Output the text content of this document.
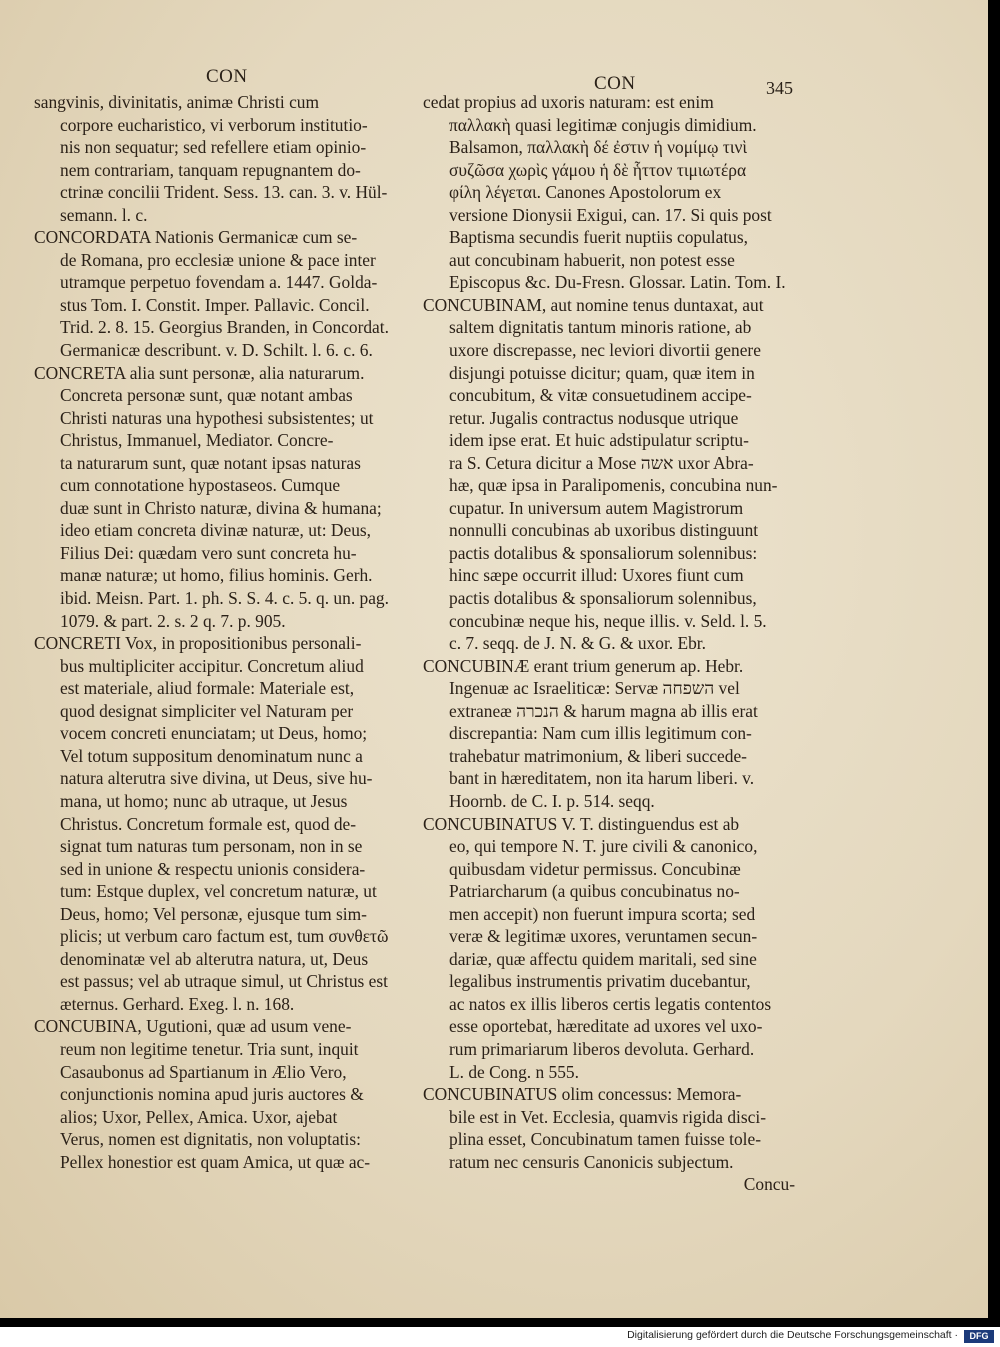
CON	CON	345
sangvinis, divinitatis, animæ Christi cum
corpore eucharistico, vi verborum institutio-
nis non sequatur; sed refellere etiam opinio-
nem contrariam, tanquam repugnantem do-
ctrinæ concilii Trident. Sess. 13. can. 3. v. Hül-
semann. l. c.
CONCORDATA Nationis Germanicæ cum se-
de Romana, pro ecclesiæ unione & pace inter
utramque perpetuo fovendam a. 1447. Golda-
stus Tom. I. Constit. Imper. Pallavic. Concil.
Trid. 2. 8. 15. Georgius Branden, in Concordat.
Germanicæ describunt. v. D. Schilt. l. 6. c. 6.
CONCRETA alia sunt personæ, alia naturarum.
Concreta personæ sunt, quæ notant ambas
Christi naturas una hypothesi subsistentes; ut
Christus, Immanuel, Mediator. Concre-
ta naturarum sunt, quæ notant ipsas naturas
cum connotatione hypostaseos. Cumque
duæ sunt in Christo naturæ, divina & humana;
ideo etiam concreta divinæ naturæ, ut: Deus,
Filius Dei: quædam vero sunt concreta hu-
manæ naturæ; ut homo, filius hominis. Gerh.
ibid. Meisn. Part. 1. ph. S. S. 4. c. 5. q. un. pag.
1079. & part. 2. s. 2 q. 7. p. 905.
CONCRETI Vox, in propositionibus personali-
bus multipliciter accipitur. Concretum aliud
est materiale, aliud formale: Materiale est,
quod designat simpliciter vel Naturam per
vocem concreti enunciatam; ut Deus, homo;
Vel totum suppositum denominatum nunc a
natura alterutra sive divina, ut Deus, sive hu-
mana, ut homo; nunc ab utraque, ut Jesus
Christus. Concretum formale est, quod de-
signat tum naturas tum personam, non in se
sed in unione & respectu unionis considera-
tum: Estque duplex, vel concretum naturæ, ut
Deus, homo; Vel personæ, ejusque tum sim-
plicis; ut verbum caro factum est, tum συνθετῶ
denominatæ vel ab alterutra natura, ut, Deus
est passus; vel ab utraque simul, ut Christus est
æternus. Gerhard. Exeg. l. n. 168.
CONCUBINA, Ugutioni, quæ ad usum vene-
reum non legitime tenetur. Tria sunt, inquit
Casaubonus ad Spartianum in Ælio Vero,
conjunctionis nomina apud juris auctores &
alios; Uxor, Pellex, Amica. Uxor, ajebat
Verus, nomen est dignitatis, non voluptatis:
Pellex honestior est quam Amica, ut quæ ac-
cedat propius ad uxoris naturam: est enim
παλλακὴ quasi legitimæ conjugis dimidium.
Balsamon, παλλακὴ δέ ἐστιν ἡ νομίμῳ τινὶ
συζῶσα χωρὶς γάμου ἡ δὲ ἧττον τιμιωτέρα
φίλη λέγεται. Canones Apostolorum ex
versione Dionysii Exigui, can. 17. Si quis post
Baptisma secundis fuerit nuptiis copulatus,
aut concubinam habuerit, non potest esse
Episcopus &c. Du-Fresn. Glossar. Latin. Tom. I.
CONCUBINAM, aut nomine tenus duntaxat, aut
saltem dignitatis tantum minoris ratione, ab
uxore discrepasse, nec leviori divortii genere
disjungi potuisse dicitur; quam, quæ item in
concubitum, & vitæ consuetudinem accipe-
retur. Jugalis contractus nodusque utrique
idem ipse erat. Et huic adstipulatur scriptu-
ra S. Cetura dicitur a Mose אשה uxor Abra-
hæ, quæ ipsa in Paralipomenis, concubina nun-
cupatur. In universum autem Magistrorum
nonnulli concubinas ab uxoribus distinguunt
pactis dotalibus & sponsaliorum solennibus:
hinc sæpe occurrit illud: Uxores fiunt cum
pactis dotalibus & sponsaliorum solennibus,
concubinæ neque his, neque illis. v. Seld. l. 5.
c. 7. seqq. de J. N. & G. & uxor. Ebr.
CONCUBINÆ erant trium generum ap. Hebr.
Ingenuæ ac Israeliticæ: Servæ השפחה vel
extraneæ הנכרה & harum magna ab illis erat
discrepantia: Nam cum illis legitimum con-
trahebatur matrimonium, & liberi succede-
bant in hæreditatem, non ita harum liberi. v.
Hoornb. de C. I. p. 514. seqq.
CONCUBINATUS V. T. distinguendus est ab
eo, qui tempore N. T. jure civili & canonico,
quibusdam videtur permissus. Concubinæ
Patriarcharum (a quibus concubinatus no-
men accepit) non fuerunt impura scorta; sed
veræ & legitimæ uxores, veruntamen secun-
dariæ, quæ affectu quidem maritali, sed sine
legalibus instrumentis privatim ducebantur,
ac natos ex illis liberos certis legatis contentos
esse oportebat, hæreditate ad uxores vel uxo-
rum primariarum liberos devoluta. Gerhard.
L. de Cong. n 555.
CONCUBINATUS olim concessus: Memora-
bile est in Vet. Ecclesia, quamvis rigida disci-
plina esset, Concubinatum tamen fuisse tole-
ratum nec censuris Canonicis subjectum.
Concu-
Digitalisierung gefördert durch die Deutsche Forschungsgemeinschaft ·	DFG
